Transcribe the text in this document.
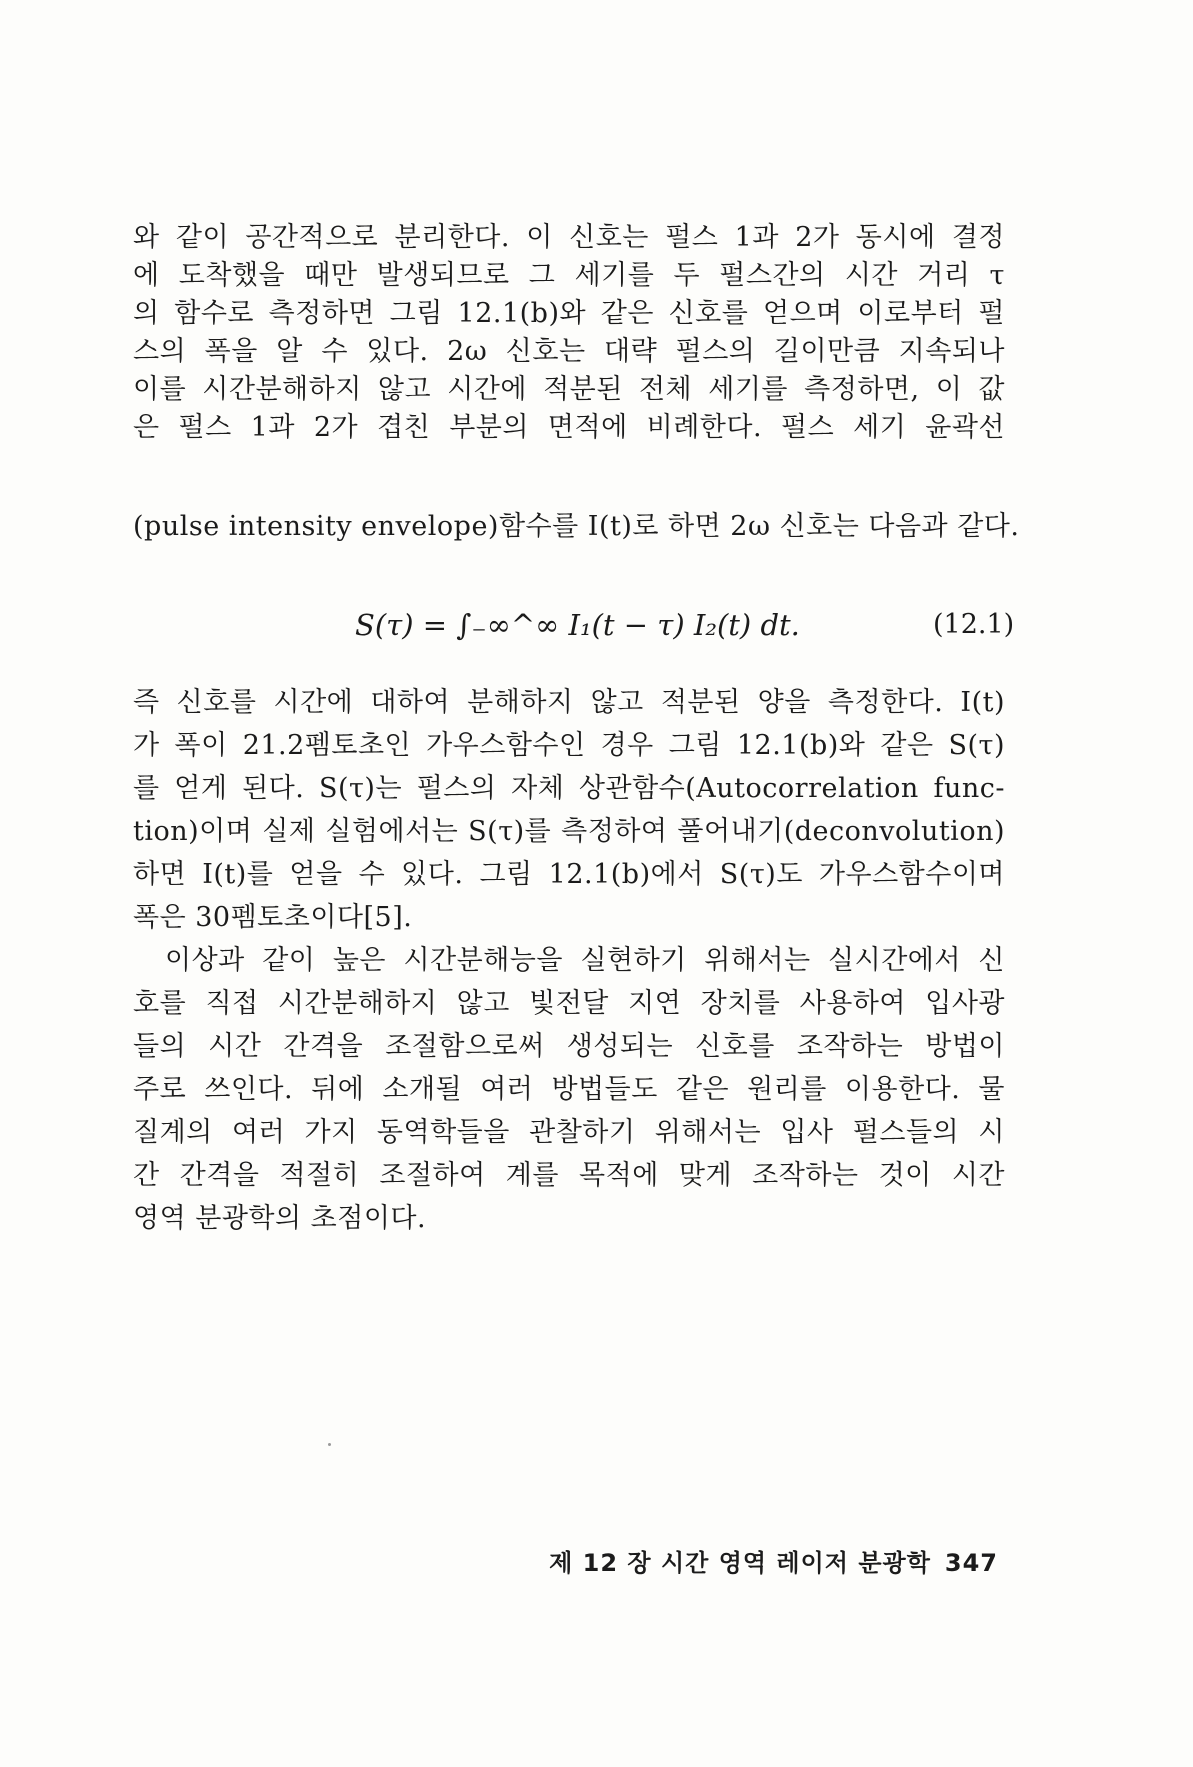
와 같이 공간적으로 분리한다. 이 신호는 펄스 1과 2가 동시에 결정
에 도착했을 때만 발생되므로 그 세기를 두 펄스간의 시간 거리 τ
의 함수로 측정하면 그림 12.1(b)와 같은 신호를 얻으며 이로부터 펄
스의 폭을 알 수 있다. 2ω 신호는 대략 펄스의 길이만큼 지속되나
이를 시간분해하지 않고 시간에 적분된 전체 세기를 측정하면, 이 값
은 펄스 1과 2가 겹친 부분의 면적에 비례한다. 펄스 세기 윤곽선
(pulse intensity envelope)함수를 I(t)로 하면 2ω 신호는 다음과 같다.
S(τ) = ∫₋∞^∞ I₁(t − τ) I₂(t) dt.	(12.1)
즉 신호를 시간에 대하여 분해하지 않고 적분된 양을 측정한다. I(t)
가 폭이 21.2펨토초인 가우스함수인 경우 그림 12.1(b)와 같은 S(τ)
를 얻게 된다. S(τ)는 펄스의 자체 상관함수(Autocorrelation func-
tion)이며 실제 실험에서는 S(τ)를 측정하여 풀어내기(deconvolution)
하면 I(t)를 얻을 수 있다. 그림 12.1(b)에서 S(τ)도 가우스함수이며
폭은 30펨토초이다[5].
이상과 같이 높은 시간분해능을 실현하기 위해서는 실시간에서 신
호를 직접 시간분해하지 않고 빛전달 지연 장치를 사용하여 입사광
들의 시간 간격을 조절함으로써 생성되는 신호를 조작하는 방법이
주로 쓰인다. 뒤에 소개될 여러 방법들도 같은 원리를 이용한다. 물
질계의 여러 가지 동역학들을 관찰하기 위해서는 입사 펄스들의 시
간 간격을 적절히 조절하여 계를 목적에 맞게 조작하는 것이 시간
영역 분광학의 초점이다.
제 12 장 시간 영역 레이저 분광학 347
